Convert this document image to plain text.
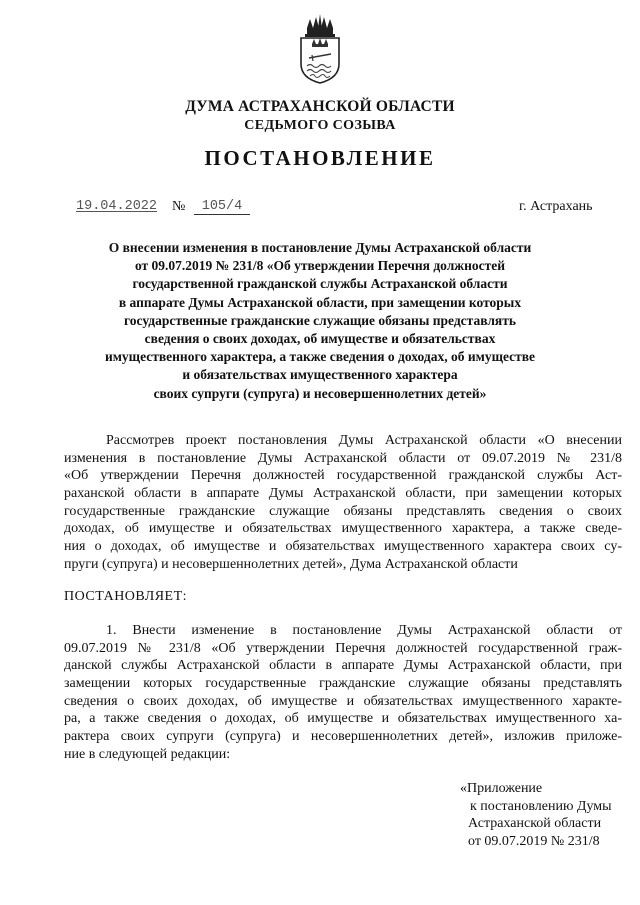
ДУМА АСТРАХАНСКОЙ ОБЛАСТИ
СЕДЬМОГО СОЗЫВА
ПОСТАНОВЛЕНИЕ
19.04.2022 №	105/4	г. Астрахань
О внесении изменения в постановление Думы Астраханской области
от 09.07.2019 № 231/8 «Об утверждении Перечня должностей
государственной гражданской службы Астраханской области
в аппарате Думы Астраханской области, при замещении которых
государственные гражданские служащие обязаны представлять
сведения о своих доходах, об имуществе и обязательствах
имущественного характера, а также сведения о доходах, об имуществе
и обязательствах имущественного характера
своих супруги (супруга) и несовершеннолетних детей»
Рассмотрев проект постановления Думы Астраханской области «О внесении
изменения в постановление Думы Астраханской области от 09.07.2019 № 231/8
«Об утверждении Перечня должностей государственной гражданской службы Аст-
раханской области в аппарате Думы Астраханской области, при замещении которых
государственные гражданские служащие обязаны представлять сведения о своих
доходах, об имуществе и обязательствах имущественного характера, а также сведе-
ния о доходах, об имуществе и обязательствах имущественного характера своих су-
пруги (супруга) и несовершеннолетних детей», Дума Астраханской области
ПОСТАНОВЛЯЕТ:
1. Внести изменение в постановление Думы Астраханской области от
09.07.2019 № 231/8 «Об утверждении Перечня должностей государственной граж-
данской службы Астраханской области в аппарате Думы Астраханской области, при
замещении которых государственные гражданские служащие обязаны представлять
сведения о своих доходах, об имуществе и обязательствах имущественного характе-
ра, а также сведения о доходах, об имуществе и обязательствах имущественного ха-
рактера своих супруги (супруга) и несовершеннолетних детей», изложив приложе-
ние в следующей редакции:
«Приложение
к постановлению Думы
Астраханской области
от 09.07.2019 № 231/8
